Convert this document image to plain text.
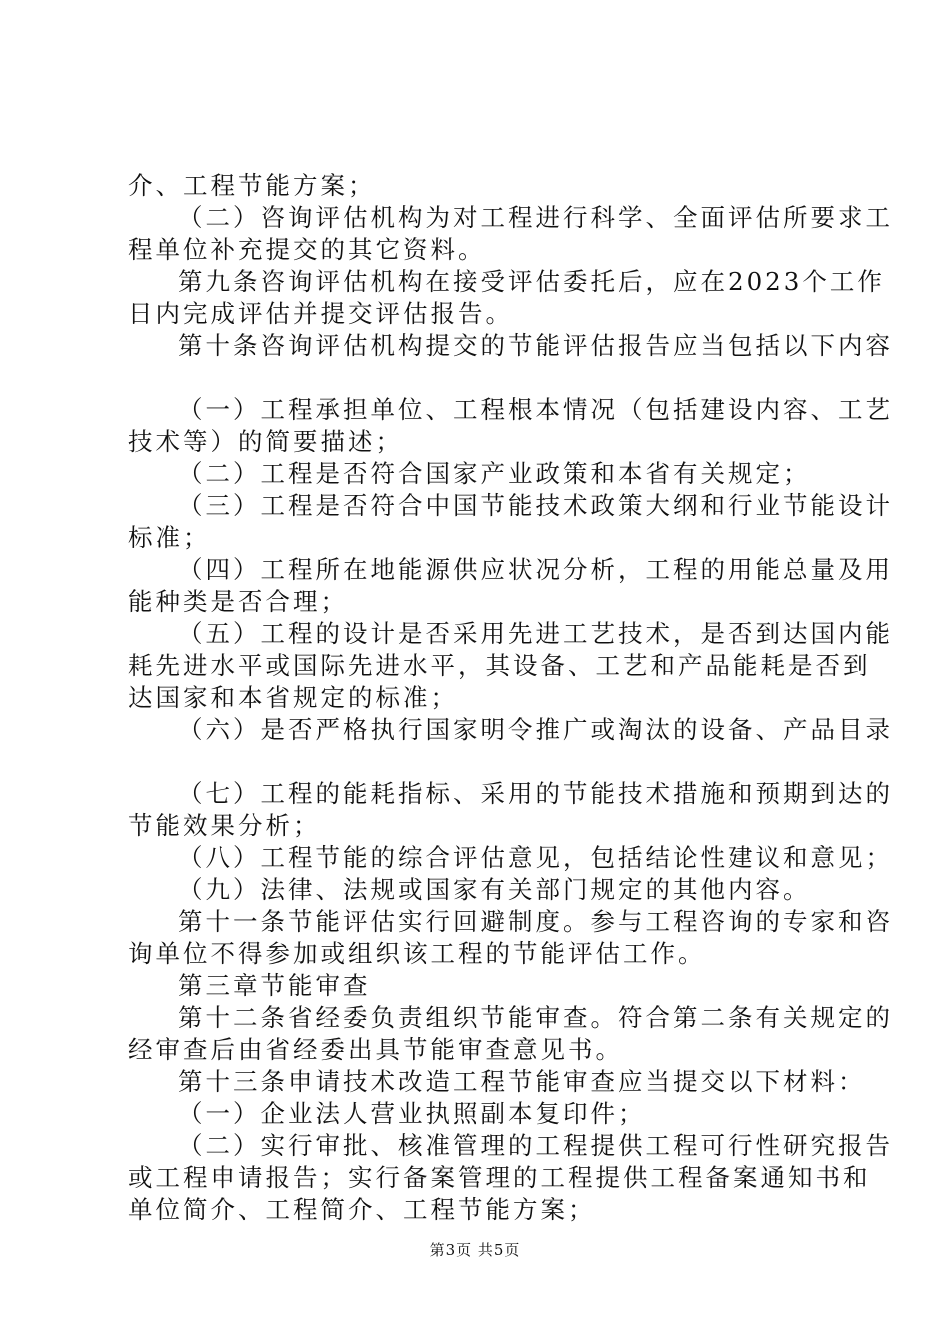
介、工程节能方案；
（二）咨询评估机构为对工程进行科学、全面评估所要求工
程单位补充提交的其它资料。
第九条咨询评估机构在接受评估委托后，应在2023个工作
日内完成评估并提交评估报告。
第十条咨询评估机构提交的节能评估报告应当包括以下内容
（一）工程承担单位、工程根本情况（包括建设内容、工艺
技术等）的简要描述；
（二）工程是否符合国家产业政策和本省有关规定；
（三）工程是否符合中国节能技术政策大纲和行业节能设计
标准；
（四）工程所在地能源供应状况分析，工程的用能总量及用
能种类是否合理；
（五）工程的设计是否采用先进工艺技术，是否到达国内能
耗先进水平或国际先进水平，其设备、工艺和产品能耗是否到
达国家和本省规定的标准；
（六）是否严格执行国家明令推广或淘汰的设备、产品目录
（七）工程的能耗指标、采用的节能技术措施和预期到达的
节能效果分析；
（八）工程节能的综合评估意见，包括结论性建议和意见；
（九）法律、法规或国家有关部门规定的其他内容。
第十一条节能评估实行回避制度。参与工程咨询的专家和咨
询单位不得参加或组织该工程的节能评估工作。
第三章节能审查
第十二条省经委负责组织节能审查。符合第二条有关规定的
经审查后由省经委出具节能审查意见书。
第十三条申请技术改造工程节能审查应当提交以下材料：
（一）企业法人营业执照副本复印件；
（二）实行审批、核准管理的工程提供工程可行性研究报告
或工程申请报告；实行备案管理的工程提供工程备案通知书和
单位简介、工程简介、工程节能方案；
第3页 共5页
